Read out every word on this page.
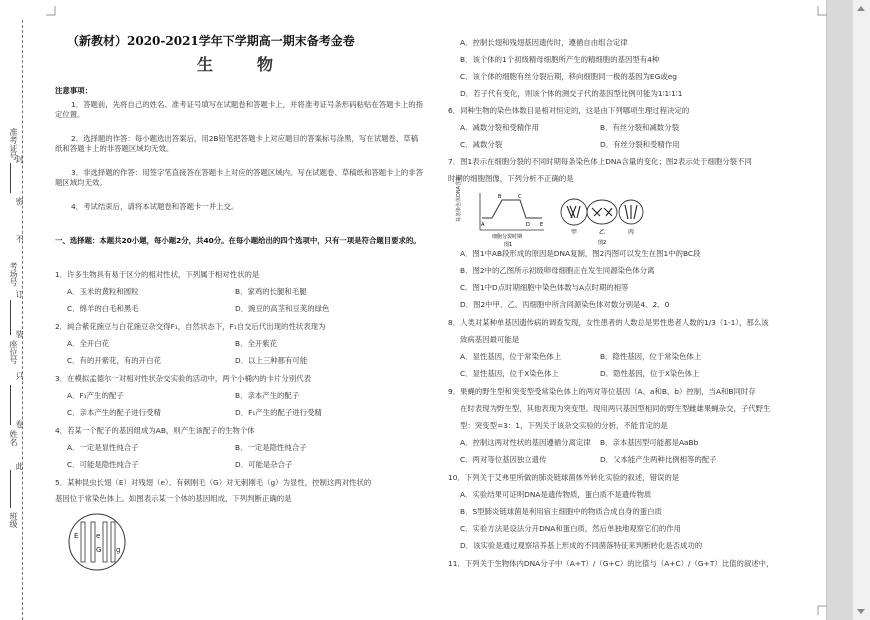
准考证号
封
密
不
考场号
订
装
座位号
只
卷
姓名
此
班级
（新教材）2020-2021学年下学期高一期末备考金卷
生　物
注意事项：

1．答题前，先将自己的姓名、准考证号填写在试题卷和答题卡上，并将准考证号条形码粘贴在答题卡上的指定位置。

2．选择题的作答：每小题选出答案后，用2B铅笔把答题卡上对应题目的答案标号涂黑，写在试题卷、草稿纸和答题卡上的非答题区域均无效。

3．非选择题的作答：用签字笔直接答在答题卡上对应的答题区域内。写在试题卷、草稿纸和答题卡上的非答题区域均无效。

4．考试结束后，请将本试题卷和答题卡一并上交。

一、选择题：本题共20小题，每小题2分，共40分。在每小题给出的四个选项中，只有一项是符合题目要求的。

1．许多生物具有易于区分的相对性状，下列属于相对性状的是
A．玉米的黄粒和圆粒	B．家鸡的长腿和毛腿
C．绵羊的白毛和黑毛	D．豌豆的高茎和豆荚的绿色
2．純合紫花豌豆与白花豌豆杂交得F₁，自然状态下，F₁自交后代出现的性状表现为
A．全开白花	B．全开紫花
C．有的开紫花，有的开白花	D．以上三种都有可能
3．在模拟孟德尔一对相对性状杂交实验的活动中，两个小桶内的卡片分别代表
A．F₁产生的配子	B．亲本产生的配子
C．亲本产生的配子进行受精	D．F₁产生的配子进行受精
4．若某一个配子的基因组成为AB，则产生该配子的生物个体
A．一定是显性纯合子	B．一定是隐性纯合子
C．可能是隐性纯合子	D．可能是杂合子
5．某种昆虫长翅（E）对残翅（e）、有刺刚毛（G）对无刺刚毛（g）为显性，控制这两对性状的
基因位于常染色体上。如图表示某一个体的基因组成，下列判断正确的是
E	e
G g
A．控制长翅和残翅基因遗传时，遵循自由组合定律
B．该个体的1个初级精母细胞所产生的精细胞的基因型有4种
C．该个体的细胞有丝分裂后期，移向细胞同一极的基因为EG或eg
D．若子代有变化，则该个体的测交子代的基因型比例可能为1∶1∶1∶1
6．同种生物的染色体数目是相对恒定的，这是由下列哪项生理过程决定的
A．减数分裂和受精作用	B．有丝分裂和减数分裂
C．减数分裂	D．有丝分裂和受精作用
7．图1表示在细胞分裂的不同时期每条染色体上DNA含量的变化；图2表示处于细胞分裂不同
时期的细胞图像，下列分析不正确的是
每条染色体DNA含量
A
B	C
D E
细胞分裂时期
图1
甲	乙	丙
图2
A．图1中AB段形成的原因是DNA复制，图2丙图可以发生在图1中的BC段
B．图2中的乙图所示初级卵母细胞正在发生同源染色体分离
C．图1中D点时期细胞中染色体数与A点时期的相等
D．图2中甲、乙、丙细胞中所含同源染色体对数分别是4、2、0
8．人类对某种单基因遗传病的调查发现，女性患者的人数总是男性患者人数的1/3（1-1），那么该
致病基因最可能是
A．显性基因，位于常染色体上	B．隐性基因，位于常染色体上
C．显性基因，位于X染色体上	D．隐性基因，位于X染色体上
9．果蝇的野生型和突变型受常染色体上的两对等位基因（A、a和B、b）控制，当A和B同时存
在时表现为野生型，其他表现为突变型。现用两只基因型相同的野生型雌雄果蝇杂交，子代野生
型：突变型=3：1，下列关于该杂交实验的分析，不能肯定的是
A．控制这两对性状的基因遵循分离定律 B．亲本基因型可能都是AaBb
C．两对等位基因独立遗传	D．父本能产生两种比例相等的配子
10．下列关于艾弗里所做的肺炎链球菌体外转化实验的叙述，错误的是
A．实验结果可证明DNA是遗传物质，蛋白质不是遗传物质
B．S型肺炎链球菌是利用宿主细胞中的物质合成自身的蛋白质
C．实验方法是设法分开DNA和蛋白质，然后单独地观察它们的作用
D．该实验是通过观察培养基上形成的不同菌落特征来判断转化是否成功的
11．下列关于生物体内DNA分子中（A+T）/（G+C）的比值与（A+C）/（G+T）比值的叙述中，
